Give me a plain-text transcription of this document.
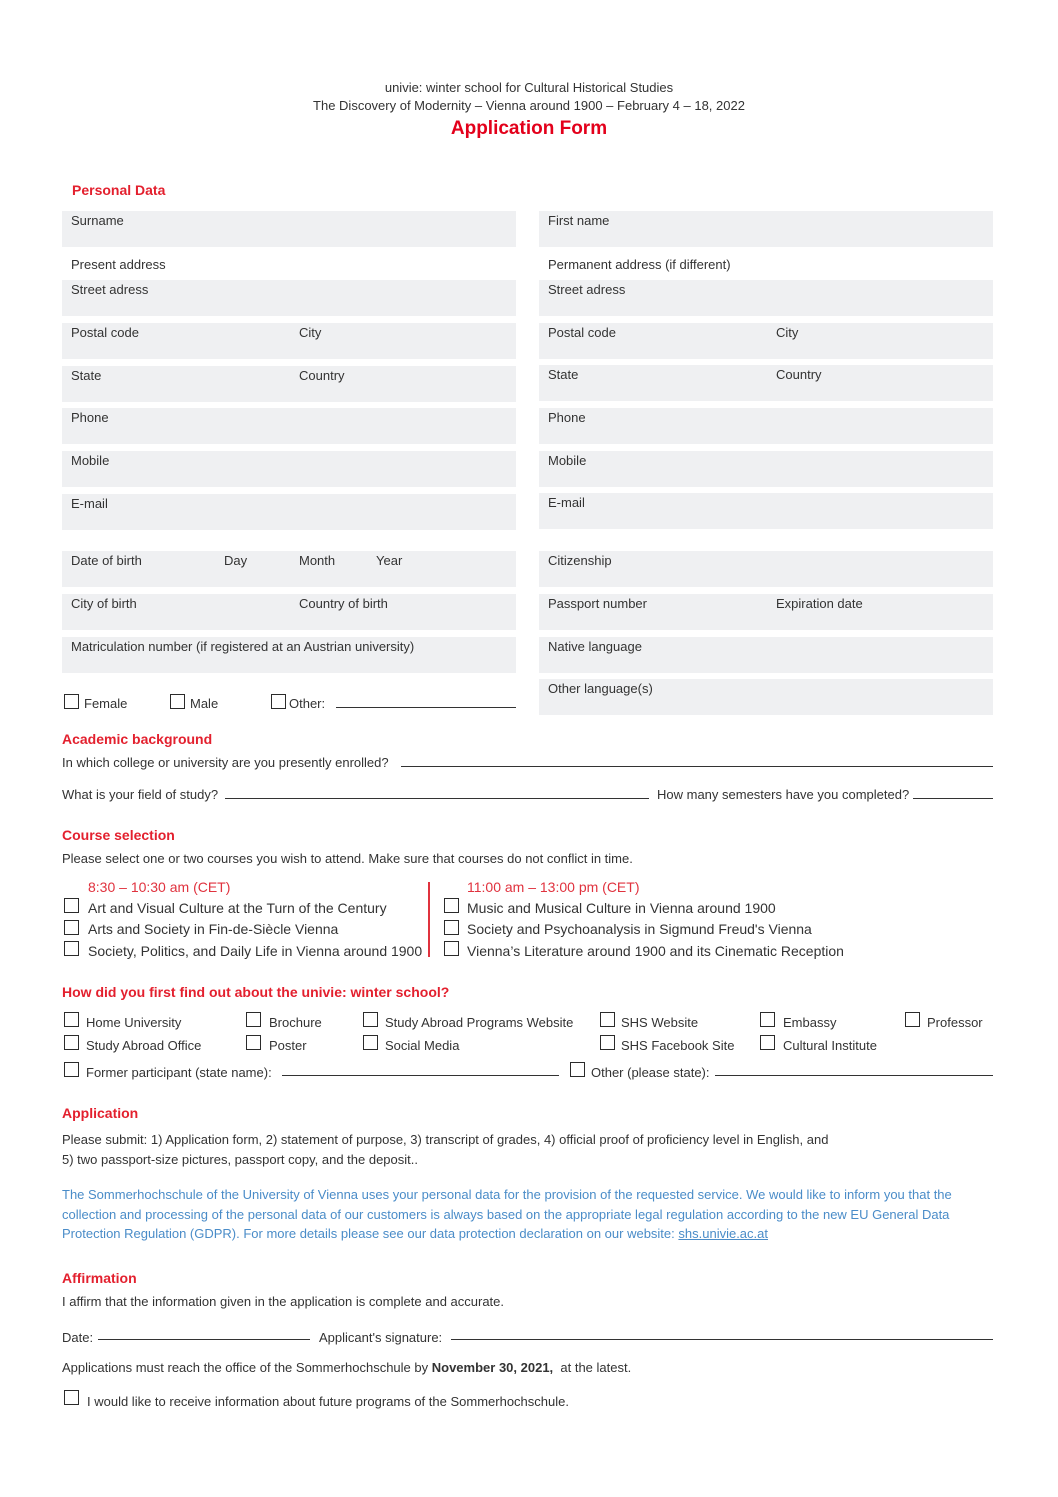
univie: winter school for Cultural Historical Studies
The Discovery of Modernity – Vienna around 1900 – February 4 – 18, 2022
Application Form
Personal Data
Surname
Present address
Street adress
Postal code	City
State	Country
Phone
Mobile
E-mail
Date of birth	Day	Month	Year
City of birth	Country of birth
Matriculation number (if registered at an Austrian university)
Female	Male	Other:
First name
Permanent address (if different)
Street adress
Postal code	City
State	Country
Phone
Mobile
E-mail
Citizenship
Passport number	Expiration date
Native language
Other language(s)
Academic background
In which college or university are you presently enrolled?
What is your field of study?	How many semesters have you completed?
Course selection
Please select one or two courses you wish to attend. Make sure that courses do not conflict in time.
8:30 – 10:30 am (CET)
Art and Visual Culture at the Turn of the Century
Arts and Society in Fin-de-Siècle Vienna
Society, Politics, and Daily Life in Vienna around 1900
11:00 am – 13:00 pm (CET)
Music and Musical Culture in Vienna around 1900
Society and Psychoanalysis in Sigmund Freud's Vienna
Vienna’s Literature around 1900 and its Cinematic Reception
How did you first find out about the univie: winter school?
Home University	Brochure	Study Abroad Programs Website	SHS Website	Embassy	Professor
Study Abroad Office	Poster	Social Media	SHS Facebook Site	Cultural Institute
Former participant (state name):	Other (please state):
Application
Please submit: 1) Application form, 2) statement of purpose, 3) transcript of grades, 4) official proof of proficiency level in English, and
5) two passport-size pictures, passport copy, and the deposit..
The Sommerhochschule of the University of Vienna uses your personal data for the provision of the requested service. We would like to inform you that the collection and processing of the personal data of our customers is always based on the appropriate legal regulation according to the new EU General Data Protection Regulation (GDPR). For more details please see our data protection declaration on our website: shs.univie.ac.at
Affirmation
I affirm that the information given in the application is complete and accurate.
Date:	Applicant's signature:
Applications must reach the office of the Sommerhochschule by November 30, 2021, at the latest.
I would like to receive information about future programs of the Sommerhochschule.
